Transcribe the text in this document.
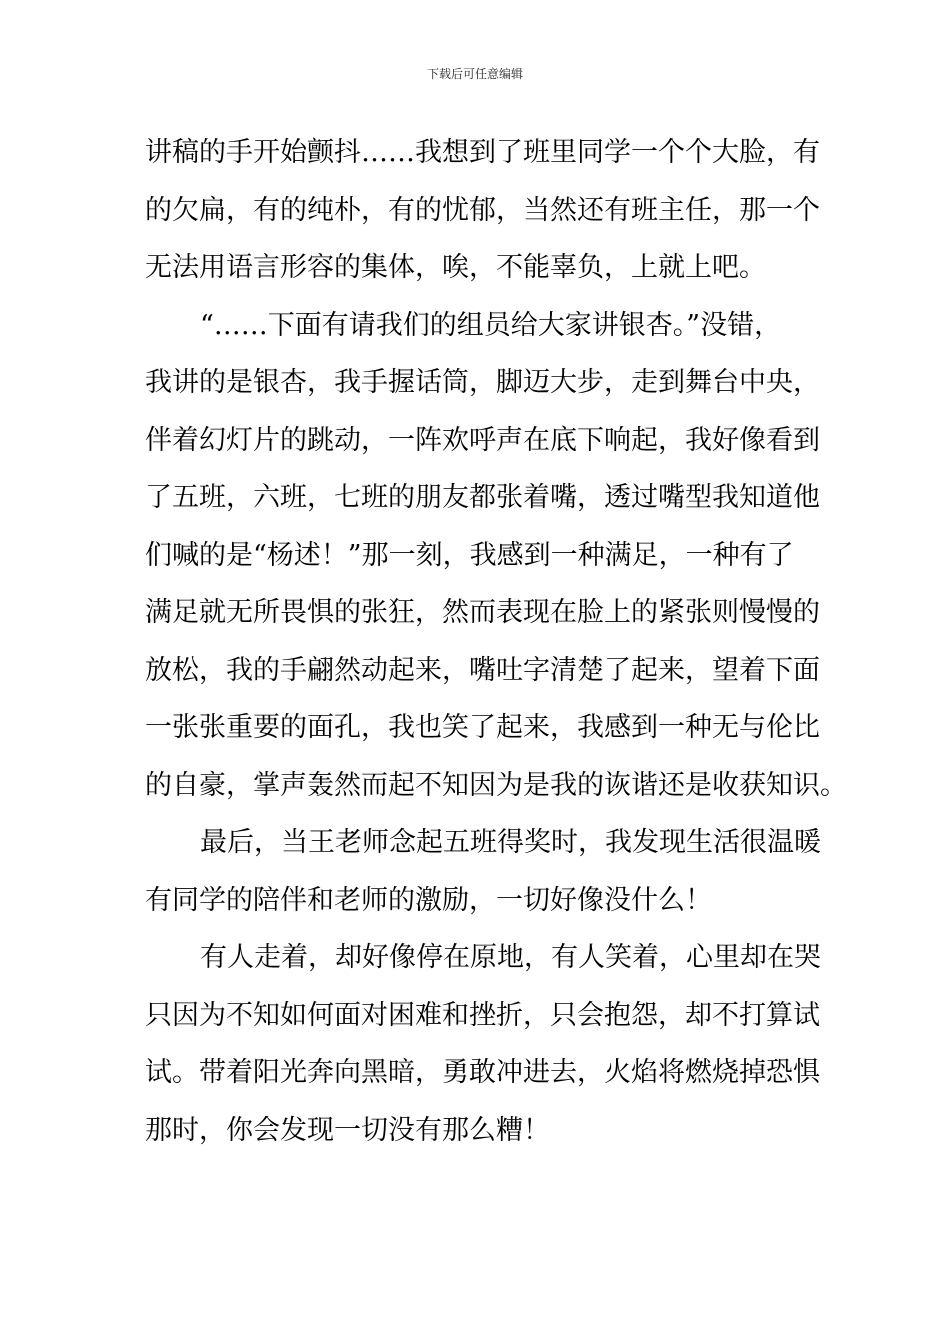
下载后可任意编辑
讲稿的手开始颤抖……我想到了班里同学一个个大脸，有
的欠扁，有的纯朴，有的忧郁，当然还有班主任，那一个
无法用语言形容的集体，唉，不能辜负，上就上吧。
“……下面有请我们的组员给大家讲银杏。”没错，
我讲的是银杏，我手握话筒，脚迈大步，走到舞台中央，
伴着幻灯片的跳动，一阵欢呼声在底下响起，我好像看到
了五班，六班，七班的朋友都张着嘴，透过嘴型我知道他
们喊的是“杨述！”那一刻，我感到一种满足，一种有了
满足就无所畏惧的张狂，然而表现在脸上的紧张则慢慢的
放松，我的手翩然动起来，嘴吐字清楚了起来，望着下面
一张张重要的面孔，我也笑了起来，我感到一种无与伦比
的自豪，掌声轰然而起不知因为是我的诙谐还是收获知识。
最后，当王老师念起五班得奖时，我发现生活很温暖
有同学的陪伴和老师的激励，一切好像没什么！
有人走着，却好像停在原地，有人笑着，心里却在哭
只因为不知如何面对困难和挫折，只会抱怨，却不打算试
试。带着阳光奔向黑暗，勇敢冲进去，火焰将燃烧掉恐惧
那时，你会发现一切没有那么糟！
